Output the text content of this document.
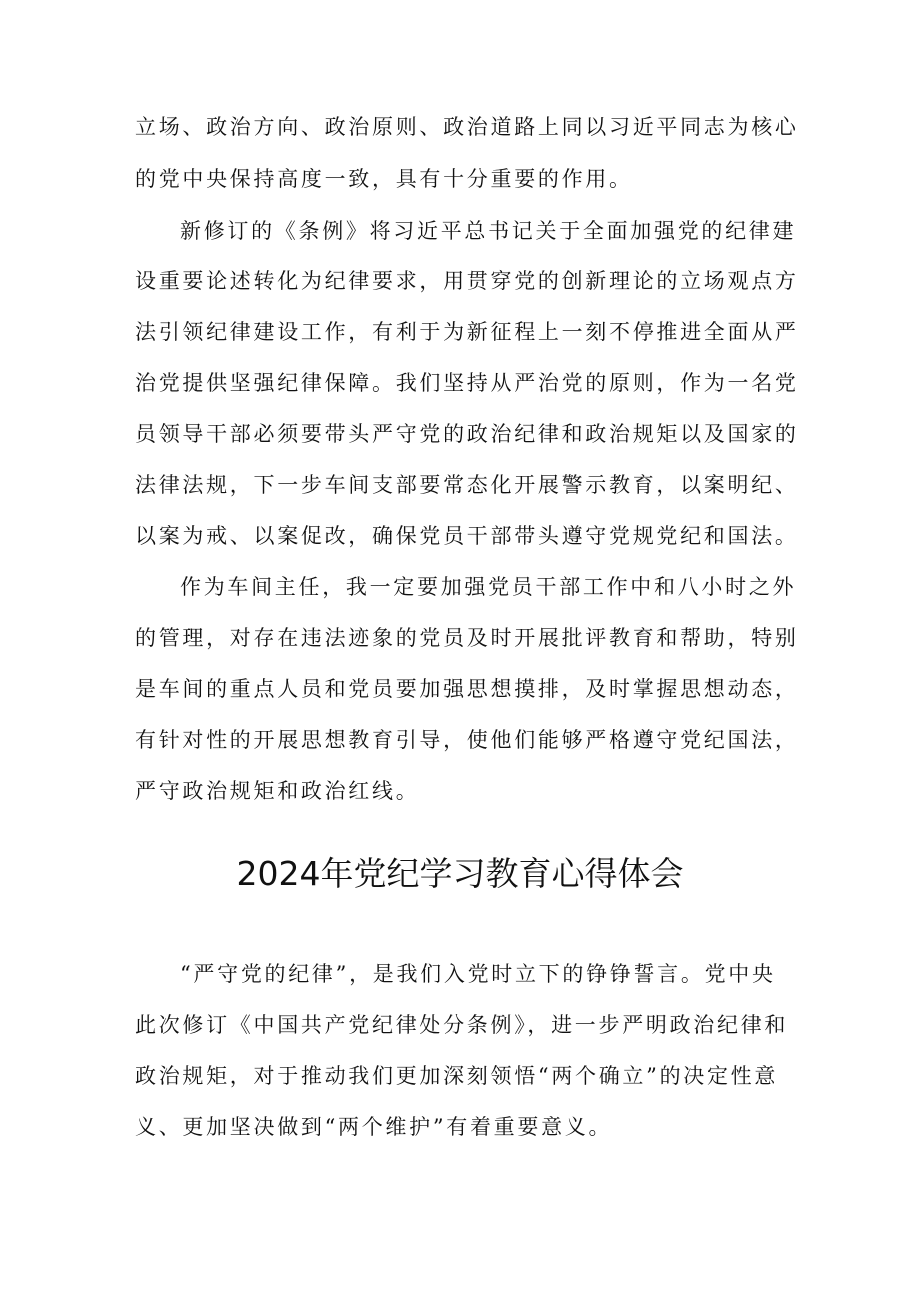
立场、政治方向、政治原则、政治道路上同以习近平同志为核心
的党中央保持高度一致，具有十分重要的作用。
新修订的《条例》将习近平总书记关于全面加强党的纪律建
设重要论述转化为纪律要求，用贯穿党的创新理论的立场观点方
法引领纪律建设工作，有利于为新征程上一刻不停推进全面从严
治党提供坚强纪律保障。我们坚持从严治党的原则，作为一名党
员领导干部必须要带头严守党的政治纪律和政治规矩以及国家的
法律法规，下一步车间支部要常态化开展警示教育，以案明纪、
以案为戒、以案促改，确保党员干部带头遵守党规党纪和国法。
作为车间主任，我一定要加强党员干部工作中和八小时之外
的管理，对存在违法迹象的党员及时开展批评教育和帮助，特别
是车间的重点人员和党员要加强思想摸排，及时掌握思想动态，
有针对性的开展思想教育引导，使他们能够严格遵守党纪国法，
严守政治规矩和政治红线。
2024年党纪学习教育心得体会
“严守党的纪律”，是我们入党时立下的铮铮誓言。党中央
此次修订《中国共产党纪律处分条例》，进一步严明政治纪律和
政治规矩，对于推动我们更加深刻领悟“两个确立”的决定性意
义、更加坚决做到“两个维护”有着重要意义。
